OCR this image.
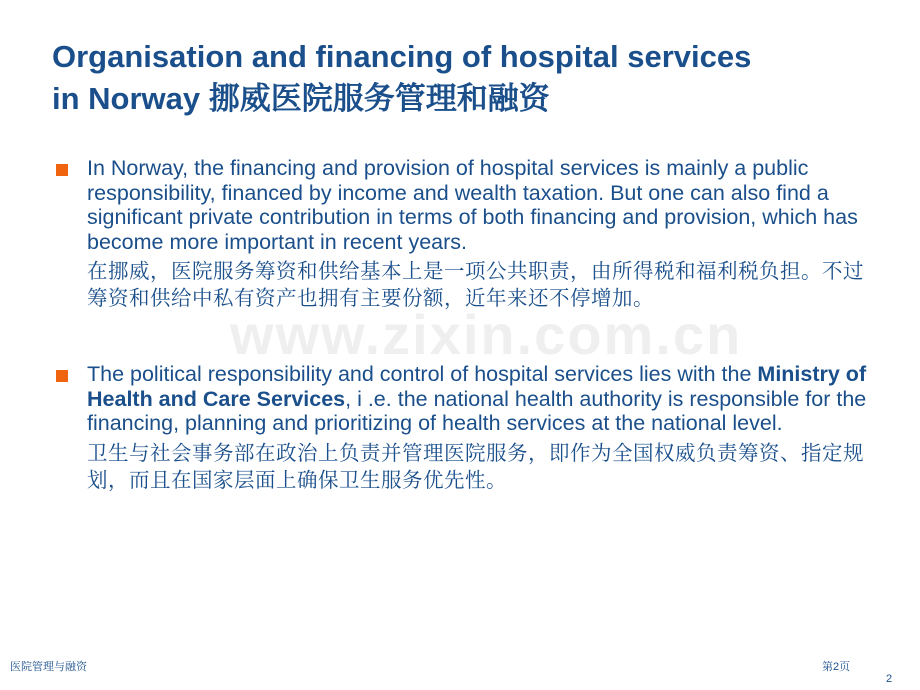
Organisation and financing of hospital services
in Norway 挪威医院服务管理和融资
www.zixin.com.cn

In Norway, the financing and provision of hospital services is mainly a public responsibility, financed by income and wealth taxation. But one can also find a significant private contribution in terms of both financing and provision, which has become more important in recent years.

在挪威，医院服务筹资和供给基本上是一项公共职责，由所得税和福利税负担。不过筹资和供给中私有资产也拥有主要份额，近年来还不停增加。

The political responsibility and control of hospital services lies with the Ministry of Health and Care Services, i .e. the national health authority is responsible for the financing, planning and prioritizing of health services at the national level.

卫生与社会事务部在政治上负责并管理医院服务，即作为全国权威负责筹资、指定规划，而且在国家层面上确保卫生服务优先性。

医院管理与融资	第2页
2
